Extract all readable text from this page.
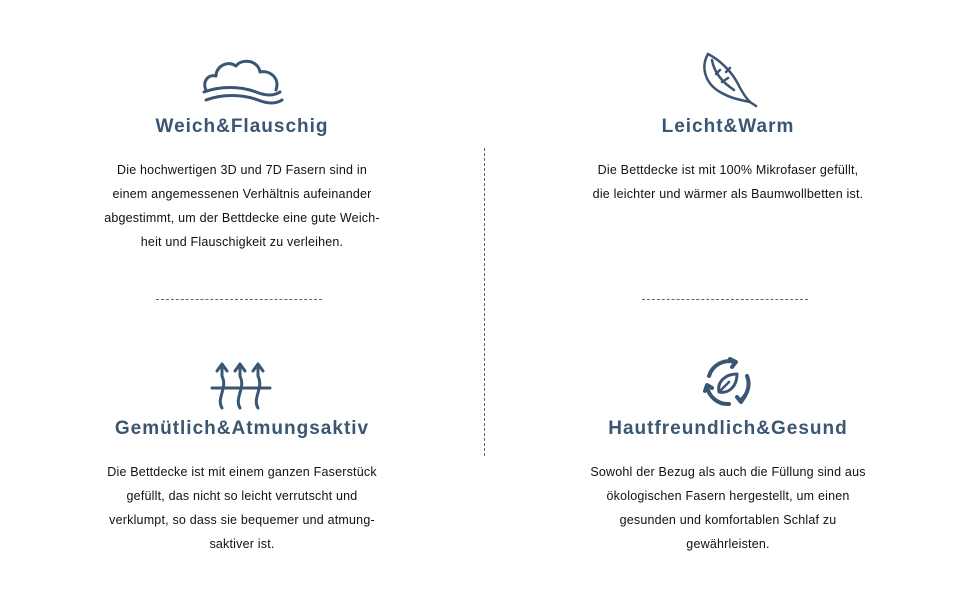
Weich&Flauschig

Die hochwertigen 3D und 7D Fasern sind in
einem angemessenen Verhältnis aufeinander
abgestimmt, um der Bettdecke eine gute Weich-
heit und Flauschigkeit zu verleihen.

Leicht&Warm

Die Bettdecke ist mit 100% Mikrofaser gefüllt,
die leichter und wärmer als Baumwollbetten ist.

Gemütlich&Atmungsaktiv

Die Bettdecke ist mit einem ganzen Faserstück
gefüllt, das nicht so leicht verrutscht und
verklumpt, so dass sie bequemer und atmung-
saktiver ist.

Hautfreundlich&Gesund

Sowohl der Bezug als auch die Füllung sind aus
ökologischen Fasern hergestellt, um einen
gesunden und komfortablen Schlaf zu
gewährleisten.
